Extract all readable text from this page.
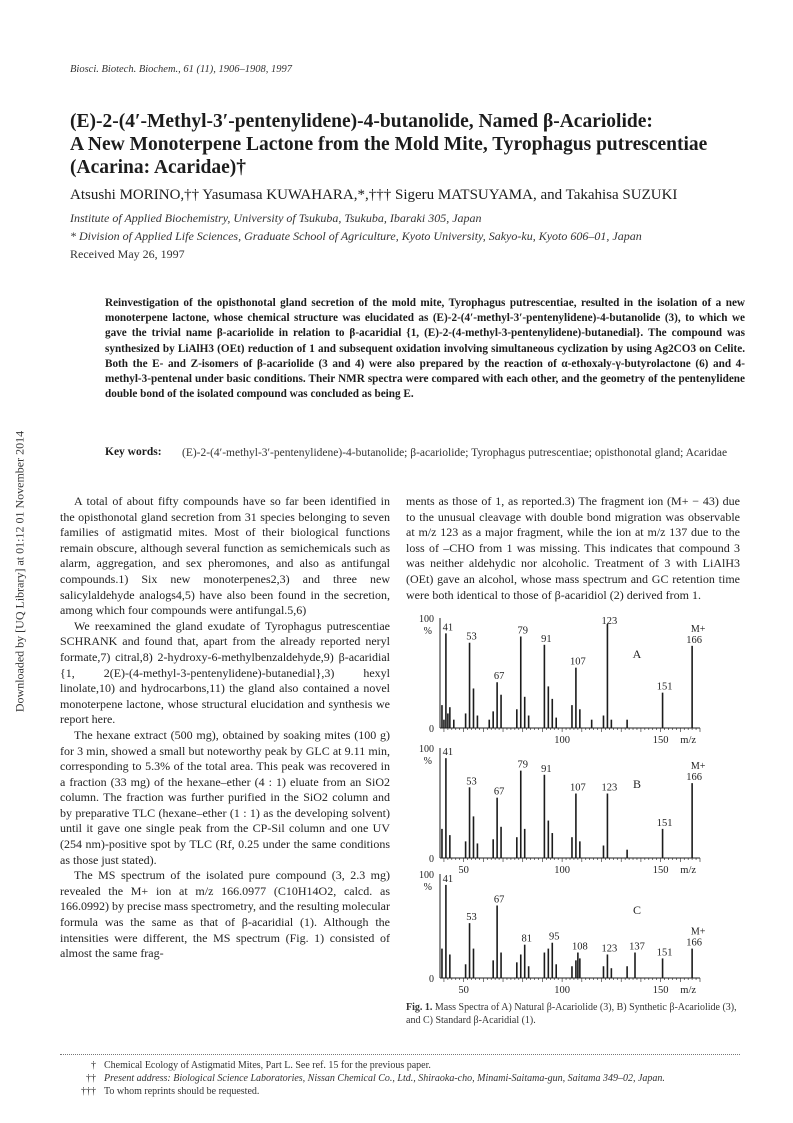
Downloaded by [UQ Library] at 01:12 01 November 2014
Biosci. Biotech. Biochem., 61 (11), 1906–1908, 1997
(E)-2-(4′-Methyl-3′-pentenylidene)-4-butanolide, Named β-Acariolide:
A New Monoterpene Lactone from the Mold Mite, Tyrophagus putrescentiae
(Acarina: Acaridae)†
Atsushi MORINO,†† Yasumasa KUWAHARA,*,††† Sigeru MATSUYAMA, and Takahisa SUZUKI
Institute of Applied Biochemistry, University of Tsukuba, Tsukuba, Ibaraki 305, Japan
* Division of Applied Life Sciences, Graduate School of Agriculture, Kyoto University, Sakyo-ku, Kyoto 606–01, Japan
Received May 26, 1997
Reinvestigation of the opisthonotal gland secretion of the mold mite, Tyrophagus putrescentiae, resulted in the isolation of a new monoterpene lactone, whose chemical structure was elucidated as (E)-2-(4′-methyl-3′-pentenylidene)-4-butanolide (3), to which we gave the trivial name β-acariolide in relation to β-acaridial {1, (E)-2-(4-methyl-3-pentenylidene)-butanedial}. The compound was synthesized by LiAlH3 (OEt) reduction of 1 and subsequent oxidation involving simultaneous cyclization by using Ag2CO3 on Celite. Both the E- and Z-isomers of β-acariolide (3 and 4) were also prepared by the reaction of α-ethoxaly-γ-butyrolactone (6) and 4-methyl-3-pentenal under basic conditions. Their NMR spectra were compared with each other, and the geometry of the pentenylidene double bond of the isolated compound was concluded as being E.
Key words: (E)-2-(4′-methyl-3′-pentenylidene)-4-butanolide; β-acariolide; Tyrophagus putrescentiae; opisthonotal gland; Acaridae

A total of about fifty compounds have so far been identified in the opisthonotal gland secretion from 31 species belonging to seven families of astigmatid mites. Most of their biological functions remain obscure, although several function as semichemicals such as alarm, aggregation, and sex pheromones, and also as antifungal compounds.1) Six new monoterpenes2,3) and three new salicylaldehyde analogs4,5) have also been found in the secretion, among which four compounds were antifungal.5,6)

We reexamined the gland exudate of Tyrophagus putrescentiae SCHRANK and found that, apart from the already reported neryl formate,7) citral,8) 2-hydroxy-6-methylbenzaldehyde,9) β-acaridial {1, 2(E)-(4-methyl-3-pentenylidene)-butanedial},3) hexyl linolate,10) and hydrocarbons,11) the gland also contained a novel monoterpene lactone, whose structural elucidation and synthesis we report here.

The hexane extract (500 mg), obtained by soaking mites (100 g) for 3 min, showed a small but noteworthy peak by GLC at 9.11 min, corresponding to 5.3% of the total area. This peak was recovered in a fraction (33 mg) of the hexane–ether (4 : 1) eluate from an SiO2 column. The fraction was further purified in the SiO2 column and by preparative TLC (hexane–ether (1 : 1) as the developing solvent) until it gave one single peak from the CP-Sil column and one UV (254 nm)-positive spot by TLC (Rf, 0.25 under the same conditions as those just stated).

The MS spectrum of the isolated pure compound (3, 2.3 mg) revealed the M+ ion at m/z 166.0977 (C10H14O2, calcd. as 166.0992) by precise mass spectrometry, and the resulting molecular formula was the same as that of β-acaridial (1). Although the intensities were different, the MS spectrum (Fig. 1) consisted of almost the same frag-

ments as those of 1, as reported.3) The fragment ion (M+ − 43) due to the unusual cleavage with double bond migration was observable at m/z 123 as a major fragment, while the ion at m/z 137 due to the loss of –CHO from 1 was missing. This indicates that compound 3 was neither aldehydic nor alcoholic. Treatment of 3 with LiAlH3 (OEt) gave an alcohol, whose mass spectrum and GC retention time were both identical to those of β-acaridiol (2) derived from 1.

100
%
0
100	150 m/z
41
53
79
91
67
107
123
151
166
M+
A
100
%
0
50	100	150 m/z
41
79 91
53
67	107 123
166
151
M+
B
100
%
0
50	100	150 m/z
41
67
53
81 95
123
108	137
151
166
M+
C
Fig. 1. Mass Spectra of A) Natural β-Acariolide (3), B) Synthetic β-Acariolide (3), and C) Standard β-Acaridial (1).
† Chemical Ecology of Astigmatid Mites, Part L. See ref. 15 for the previous paper.
†† Present address: Biological Science Laboratories, Nissan Chemical Co., Ltd., Shiraoka-cho, Minami-Saitama-gun, Saitama 349–02, Japan.
††† To whom reprints should be requested.
